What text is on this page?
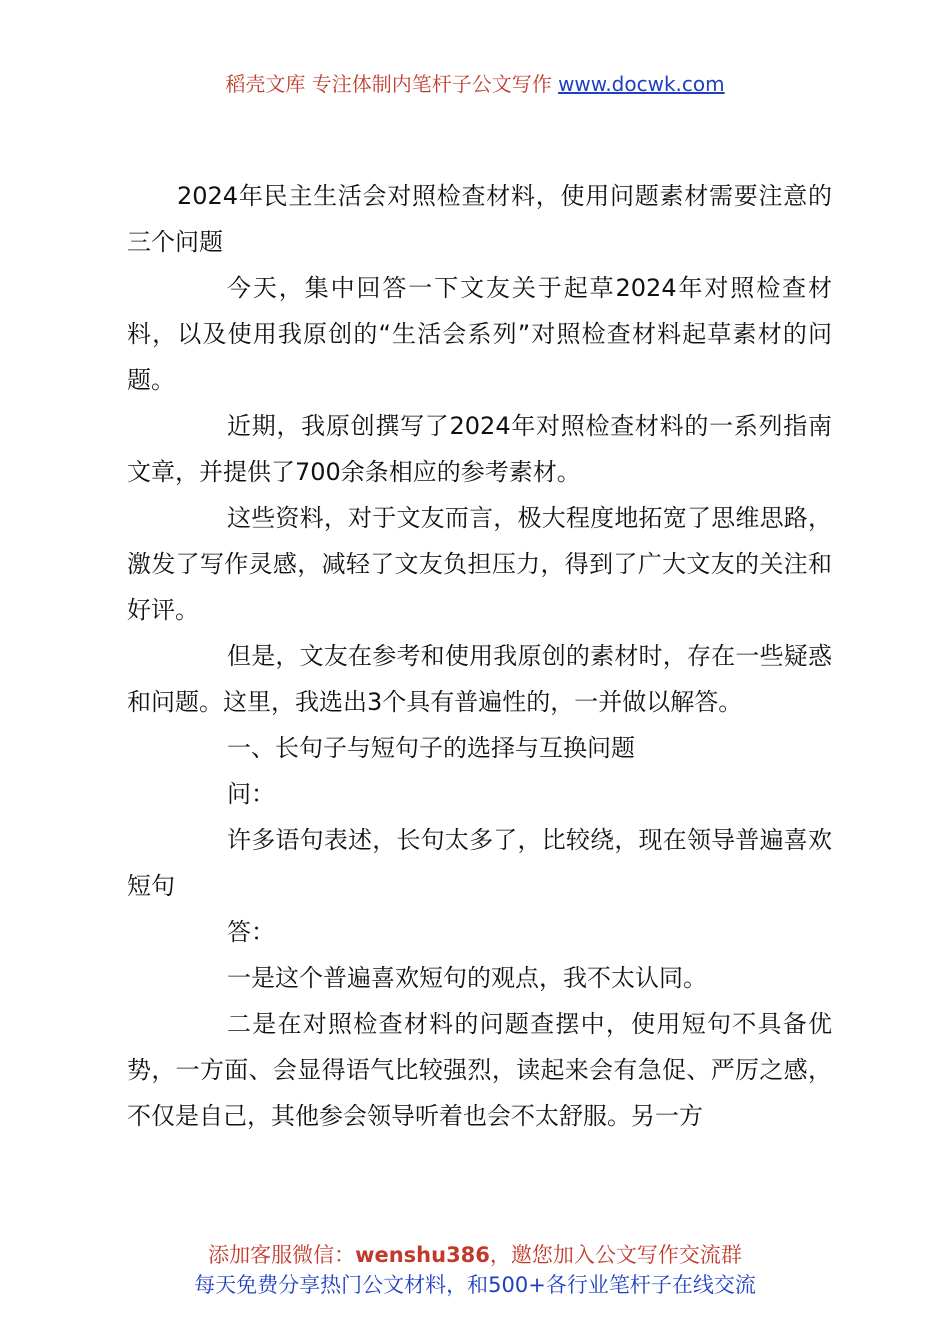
稻壳文库 专注体制内笔杆子公文写作 www.docwk.com

2024年民主生活会对照检查材料，使用问题素材需要注意的三个问题

今天，集中回答一下文友关于起草2024年对照检查材料，以及使用我原创的“生活会系列”对照检查材料起草素材的问题。

近期，我原创撰写了2024年对照检查材料的一系列指南文章，并提供了700余条相应的参考素材。

这些资料，对于文友而言，极大程度地拓宽了思维思路，激发了写作灵感，减轻了文友负担压力，得到了广大文友的关注和好评。

但是，文友在参考和使用我原创的素材时，存在一些疑惑和问题。这里，我选出3个具有普遍性的，一并做以解答。

一、长句子与短句子的选择与互换问题

问：

许多语句表述，长句太多了，比较绕，现在领导普遍喜欢短句

答：

一是这个普遍喜欢短句的观点，我不太认同。

二是在对照检查材料的问题查摆中，使用短句不具备优势，一方面、会显得语气比较强烈，读起来会有急促、严厉之感，不仅是自己，其他参会领导听着也会不太舒服。另一方

添加客服微信：wenshu386，邀您加入公文写作交流群
每天免费分享热门公文材料，和500+各行业笔杆子在线交流
